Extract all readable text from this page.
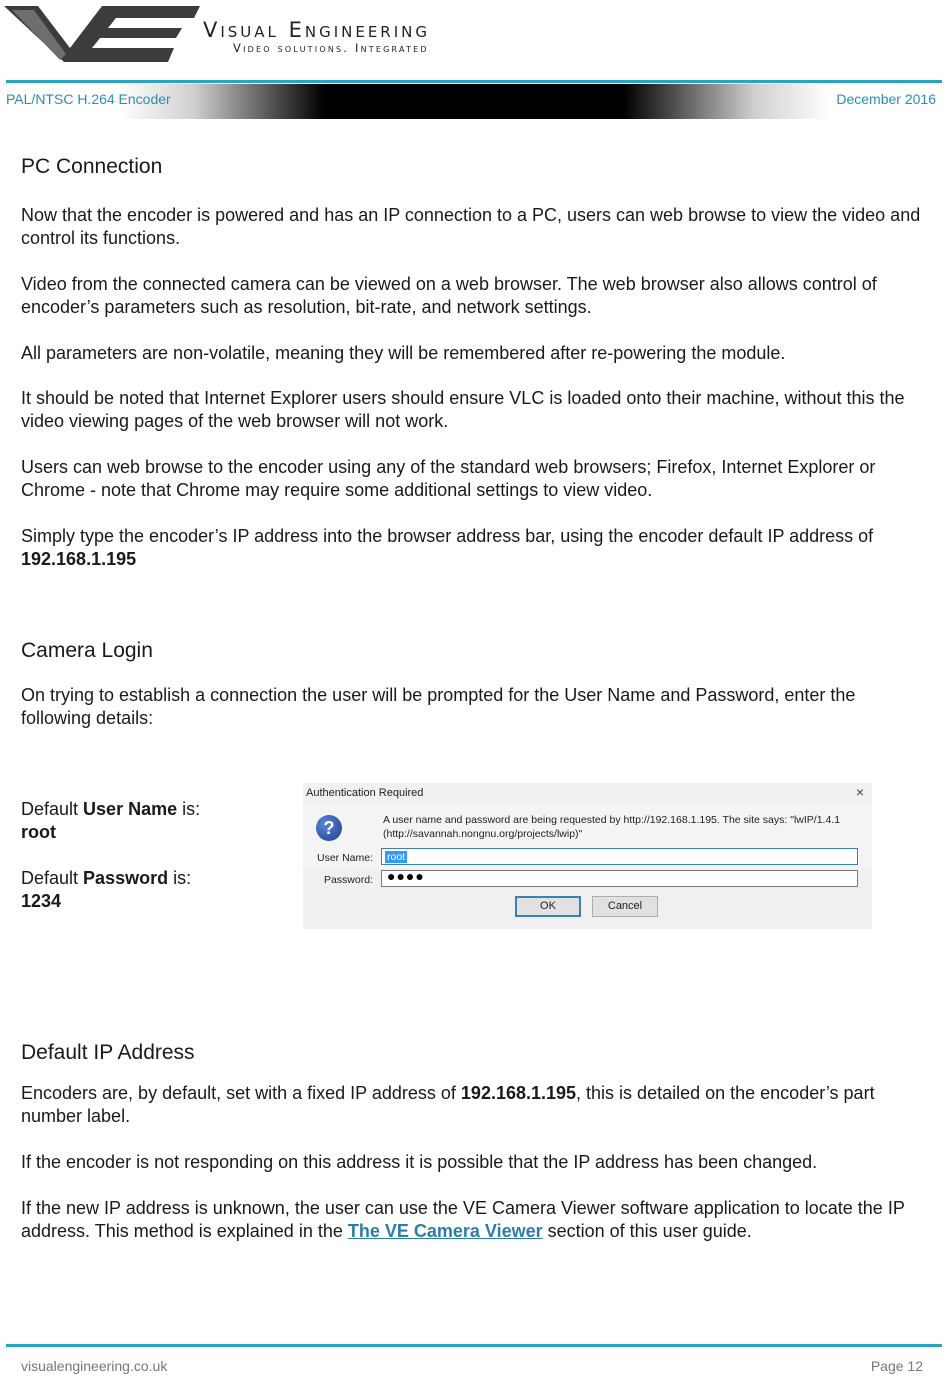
Visual Engineering
Video solutions. Integrated
PAL/NTSC H.264 Encoder	December 2016
PC Connection

Now that the encoder is powered and has an IP connection to a PC, users can web browse to view the video and control its functions.

Video from the connected camera can be viewed on a web browser. The web browser also allows control of encoder’s parameters such as resolution, bit-rate, and network settings.

All parameters are non-volatile, meaning they will be remembered after re-powering the module.

It should be noted that Internet Explorer users should ensure VLC is loaded onto their machine, without this the video viewing pages of the web browser will not work.

Users can web browse to the encoder using any of the standard web browsers; Firefox, Internet Explorer or Chrome - note that Chrome may require some additional settings to view video.

Simply type the encoder’s IP address into the browser address bar, using the encoder default IP address of 192.168.1.195

Camera Login

On trying to establish a connection the user will be prompted for the User Name and Password, enter the following details:

Default User Name is:
root

Default Password is:
1234

Authentication Required	×
?	A user name and password are being requested by http://192.168.1.195. The site says: "lwIP/1.4.1 (http://savannah.nongnu.org/projects/lwip)"
User Name: root
Password: ●●●●
OK	Cancel
Default IP Address

Encoders are, by default, set with a fixed IP address of 192.168.1.195, this is detailed on the encoder’s part number label.

If the encoder is not responding on this address it is possible that the IP address has been changed.

If the new IP address is unknown, the user can use the VE Camera Viewer software application to locate the IP address. This method is explained in the The VE Camera Viewer section of this user guide.

visualengineering.co.uk	Page 12
